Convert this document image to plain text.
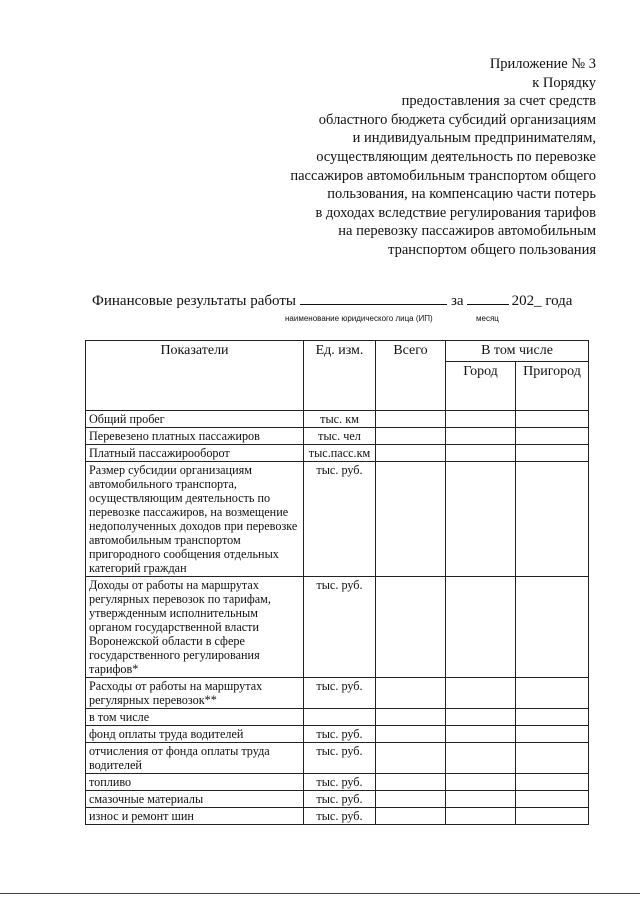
Приложение № 3
к Порядку
предоставления за счет средств
областного бюджета субсидий организациям
и индивидуальным предпринимателям,
осуществляющим деятельность по перевозке
пассажиров автомобильным транспортом общего
пользования, на компенсацию части потерь
в доходах вследствие регулирования тарифов
на перевозку пассажиров автомобильным
транспортом общего пользования
Финансовые результаты работы	за	202_ года
наименование юридического лица (ИП)	месяц
Показатели	Ед. изм.	Всего	В том числе	
			Город	Пригород
Общий пробег	тыс. км			
Перевезено платных пассажиров	тыс. чел			
Платный пассажирооборот	тыс.пасс.км			
Размер субсидии организациям автомобильного транспорта, осуществляющим деятельность по перевозке пассажиров, на возмещение недополученных доходов при перевозке автомобильным транспортом пригородного сообщения отдельных категорий граждан	тыс. руб.			
Доходы от работы на маршрутах регулярных перевозок по тарифам, утвержденным исполнительным органом государственной власти Воронежской области в сфере государственного регулирования тарифов*	тыс. руб.			
Расходы от работы на маршрутах регулярных перевозок**	тыс. руб.			
в том числе				
фонд оплаты труда водителей	тыс. руб.			
отчисления от фонда оплаты труда водителей	тыс. руб.			
топливо	тыс. руб.			
смазочные материалы	тыс. руб.			
износ и ремонт шин	тыс. руб.			
